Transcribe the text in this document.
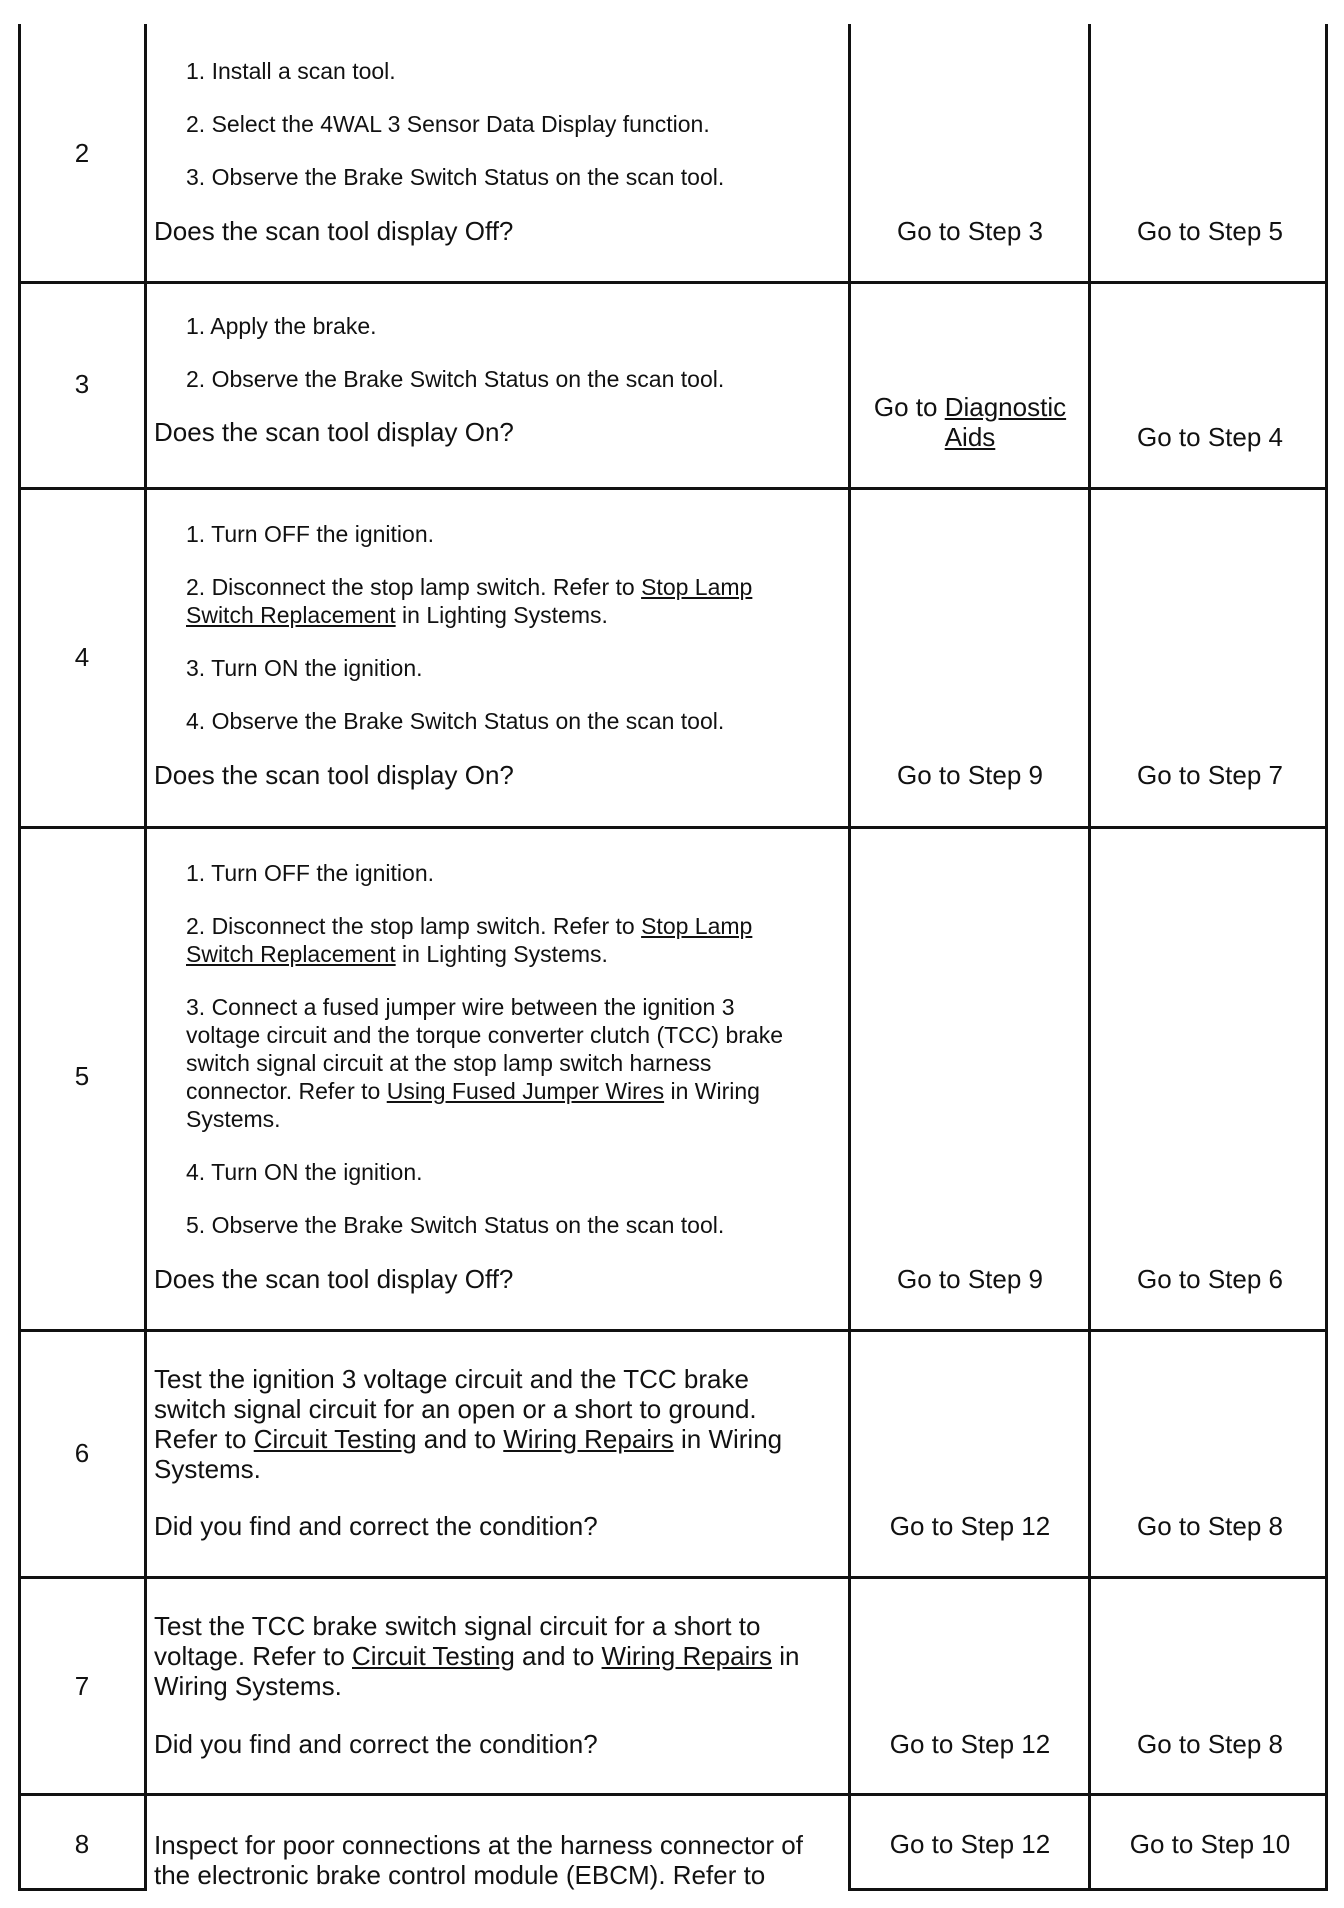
2
1. Install a scan tool.
2. Select the 4WAL 3 Sensor Data Display function.
3. Observe the Brake Switch Status on the scan tool.
Does the scan tool display Off?	Go to Step 3	Go to Step 5
3
1. Apply the brake.
2. Observe the Brake Switch Status on the scan tool.
Does the scan tool display On?
Go to Diagnostic
Aids	Go to Step 4
4
1. Turn OFF the ignition.
2. Disconnect the stop lamp switch. Refer to Stop Lamp
Switch Replacement in Lighting Systems.
3. Turn ON the ignition.
4. Observe the Brake Switch Status on the scan tool.
Does the scan tool display On?	Go to Step 9	Go to Step 7
5
1. Turn OFF the ignition.
2. Disconnect the stop lamp switch. Refer to Stop Lamp
Switch Replacement in Lighting Systems.
3. Connect a fused jumper wire between the ignition 3
voltage circuit and the torque converter clutch (TCC) brake
switch signal circuit at the stop lamp switch harness
connector. Refer to Using Fused Jumper Wires in Wiring
Systems.
4. Turn ON the ignition.
5. Observe the Brake Switch Status on the scan tool.
Does the scan tool display Off?	Go to Step 9	Go to Step 6
6
Test the ignition 3 voltage circuit and the TCC brake
switch signal circuit for an open or a short to ground.
Refer to Circuit Testing and to Wiring Repairs in Wiring
Systems.
Did you find and correct the condition?	Go to Step 12	Go to Step 8
7
Test the TCC brake switch signal circuit for a short to
voltage. Refer to Circuit Testing and to Wiring Repairs in
Wiring Systems.
Did you find and correct the condition?	Go to Step 12	Go to Step 8
8	Inspect for poor connections at the harness connector of
the electronic brake control module (EBCM). Refer to
Go to Step 12	Go to Step 10
